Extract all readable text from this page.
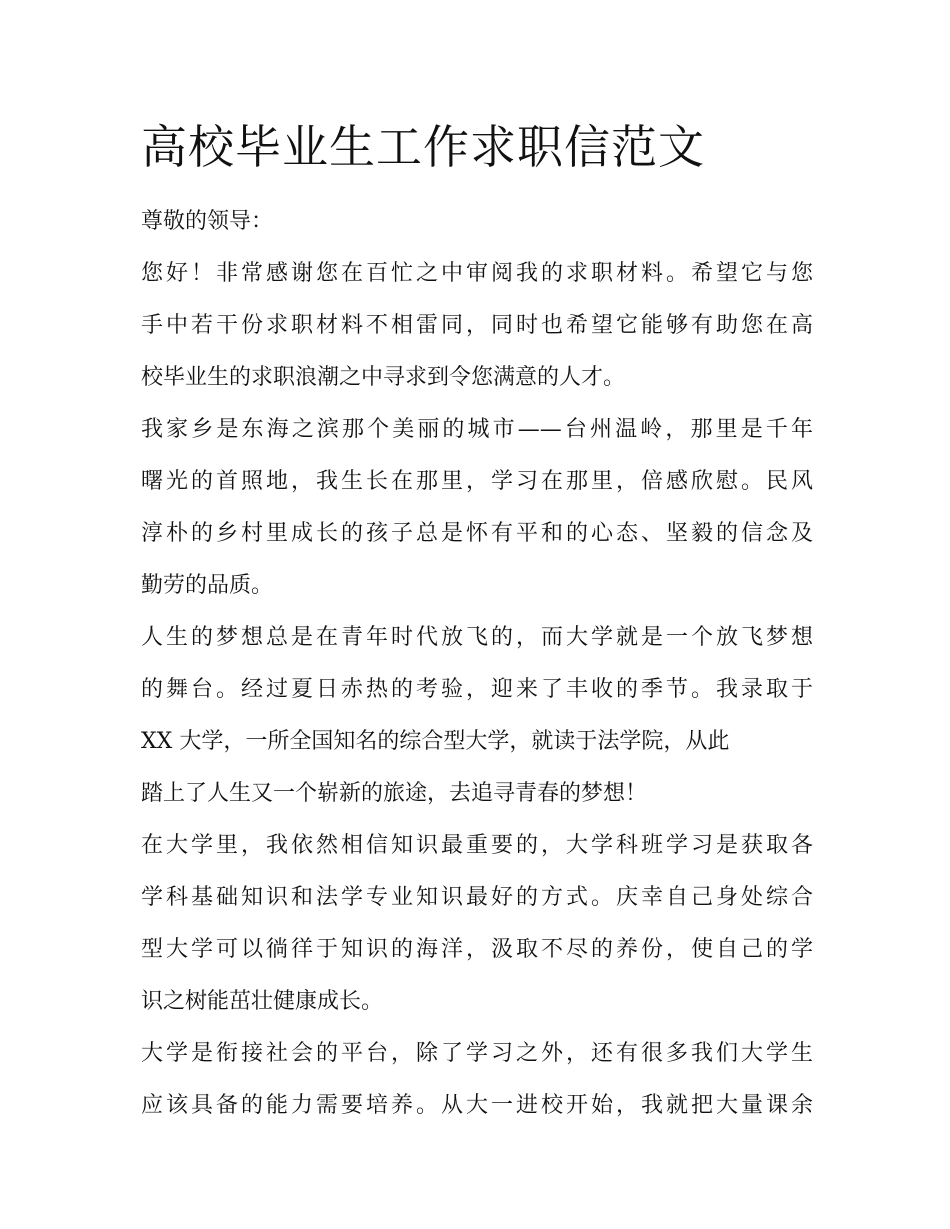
高校毕业生工作求职信范文

尊敬的领导：

您好！非常感谢您在百忙之中审阅我的求职材料。希望它与您
手中若干份求职材料不相雷同，同时也希望它能够有助您在高
校毕业生的求职浪潮之中寻求到令您满意的人才。

我家乡是东海之滨那个美丽的城市——台州温岭，那里是千年
曙光的首照地，我生长在那里，学习在那里，倍感欣慰。民风
淳朴的乡村里成长的孩子总是怀有平和的心态、坚毅的信念及
勤劳的品质。

人生的梦想总是在青年时代放飞的，而大学就是一个放飞梦想
的舞台。经过夏日赤热的考验，迎来了丰收的季节。我录取于
XX 大学，一所全国知名的综合型大学，就读于法学院，从此
踏上了人生又一个崭新的旅途，去追寻青春的梦想！

在大学里，我依然相信知识最重要的，大学科班学习是获取各
学科基础知识和法学专业知识最好的方式。庆幸自己身处综合
型大学可以徜徉于知识的海洋，汲取不尽的养份，使自己的学
识之树能茁壮健康成长。

大学是衔接社会的平台，除了学习之外，还有很多我们大学生
应该具备的能力需要培养。从大一进校开始，我就把大量课余
